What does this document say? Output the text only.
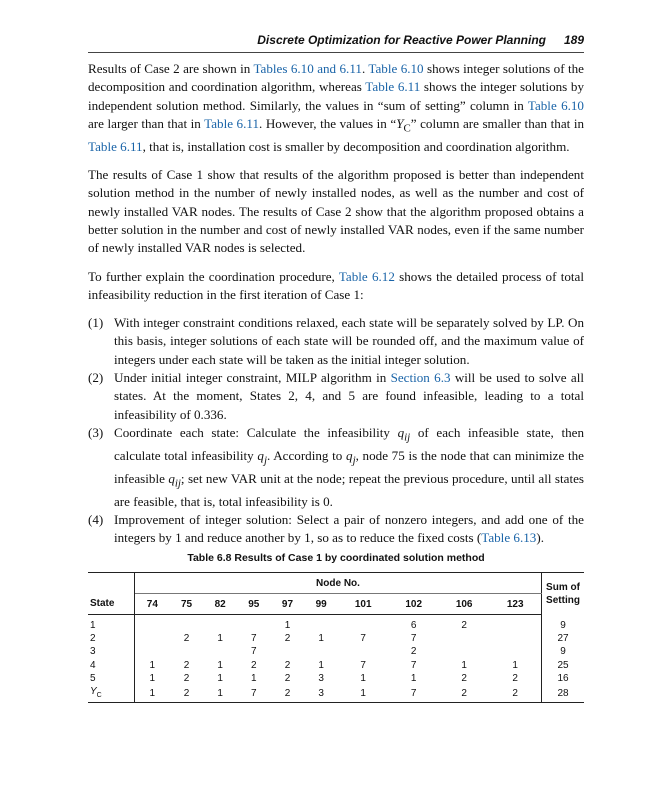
Discrete Optimization for Reactive Power Planning 189

Results of Case 2 are shown in Tables 6.10 and 6.11. Table 6.10 shows integer solutions of the decomposition and coordination algorithm, whereas Table 6.11 shows the integer solutions by independent solution method. Similarly, the values in “sum of setting” column in Table 6.10 are larger than that in Table 6.11. However, the values in “$Y_C$” column are smaller than that in Table 6.11, that is, installation cost is smaller by decomposition and coordination algorithm.

The results of Case 1 show that results of the algorithm proposed is better than independent solution method in the number of newly installed nodes, as well as the number and cost of newly installed VAR nodes. The results of Case 2 show that the algorithm proposed obtains a better solution in the number and cost of newly installed VAR nodes, even if the same number of newly installed VAR nodes is selected.

To further explain the coordination procedure, Table 6.12 shows the detailed process of total infeasibility reduction in the first iteration of Case 1:

(1) With integer constraint conditions relaxed, each state will be separately solved by LP. On this basis, integer solutions of each state will be rounded off, and the maximum value of integers under each state will be taken as the initial integer solution.
(2) Under initial integer constraint, MILP algorithm in Section 6.3 will be used to solve all states. At the moment, States 2, 4, and 5 are found infeasible, leading to a total infeasibility of 0.336.
(3) Coordinate each state: Calculate the infeasibility $q_{ij}$ of each infeasible state, then calculate total infeasibility $q_j$. According to $q_j$, node 75 is the node that can minimize the infeasible $q_{ij}$; set new VAR unit at the node; repeat the previous procedure, until all states are feasible, that is, total infeasibility is 0.
(4) Improvement of integer solution: Select a pair of nonzero integers, and add one of the integers by 1 and reduce another by 1, so as to reduce the fixed costs (Table 6.13).
Table 6.8 Results of Case 1 by coordinated solution method
	Node No.										Sum of
Setting
State	74	75	82	95	97	99	101	102	106	123	
1					1			6	2		9
2		2	1	7	2	1	7	7			27
3				7				2			9
4	1	2	1	2	2	1	7	7	1	1	25
5	1	2	1	1	2	3	1	1	2	2	16
$Y_C$	1	2	1	7	2	3	1	7	2	2	28
